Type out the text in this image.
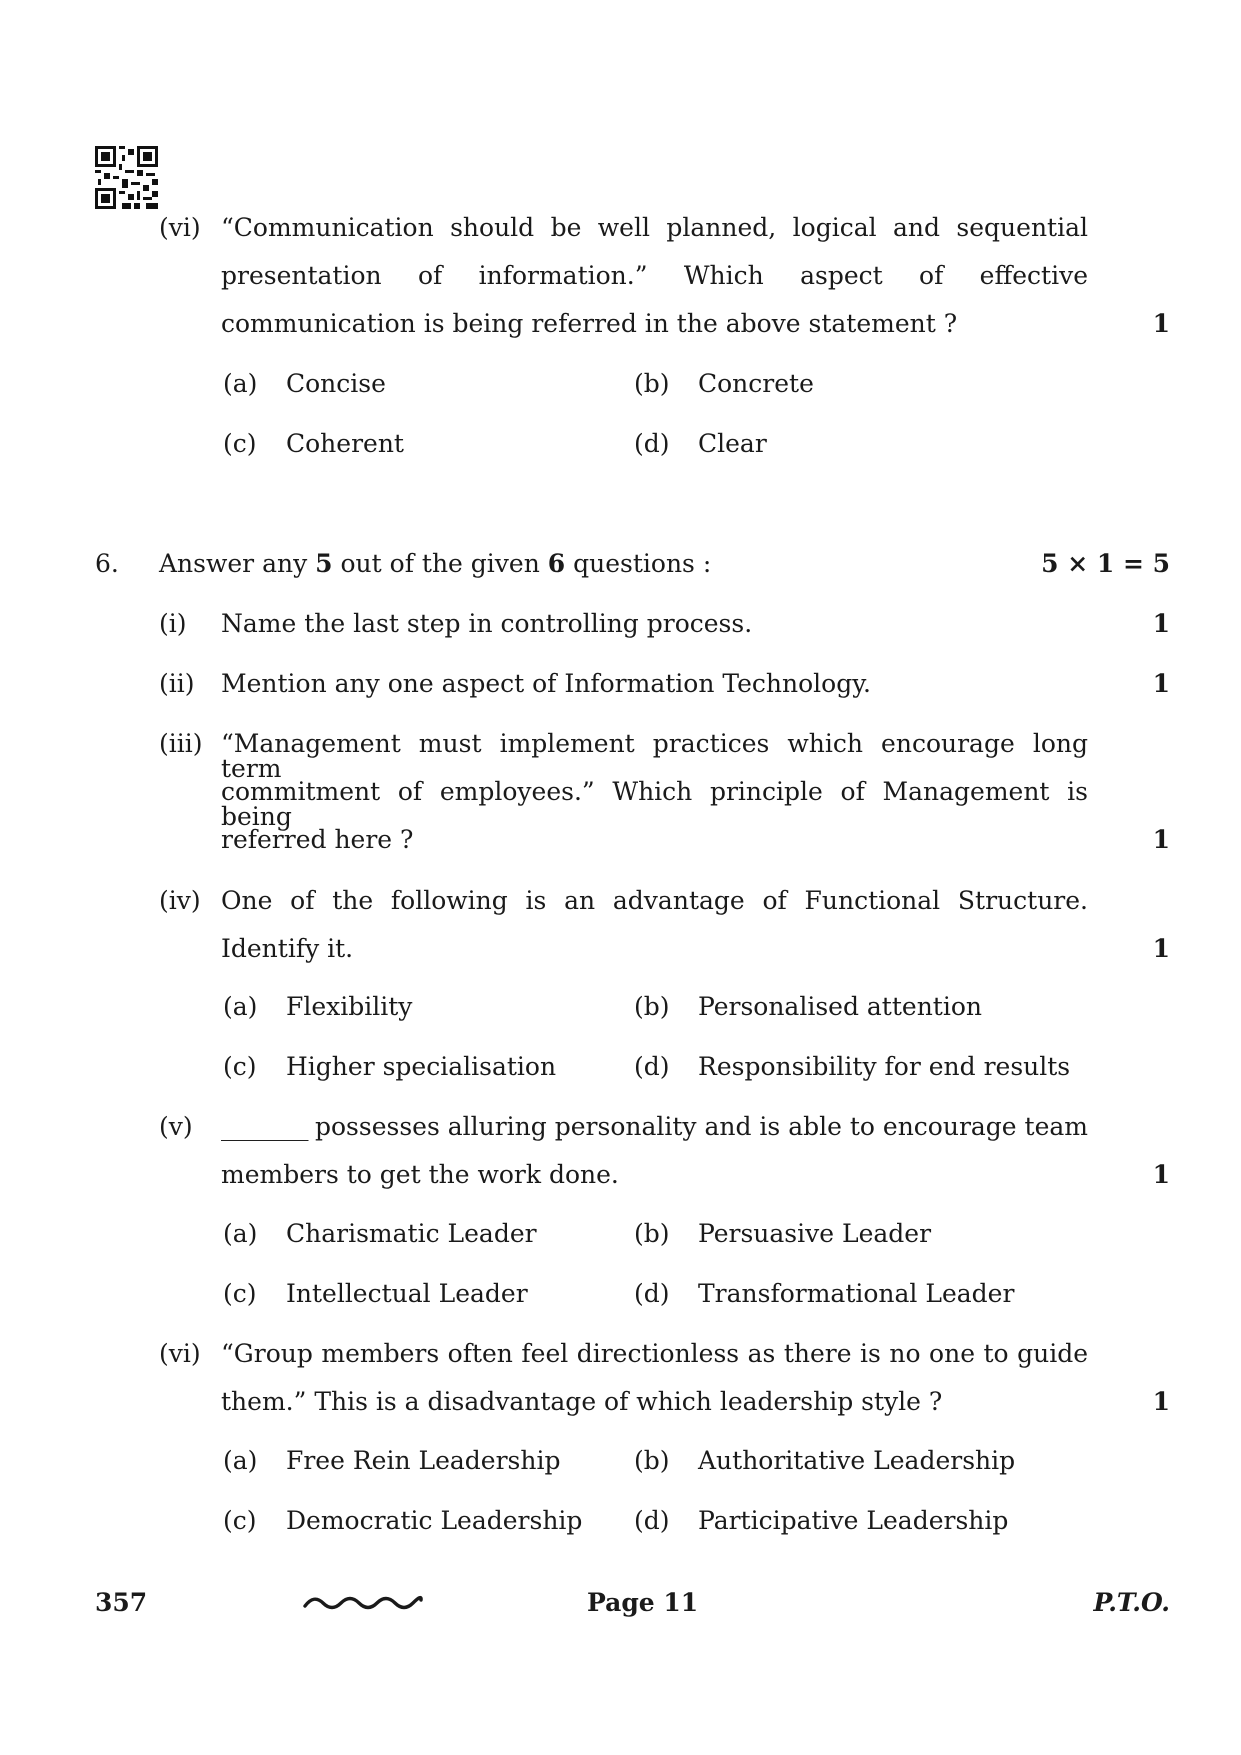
(vi) “Communication should be well planned, logical and sequential
presentation of information.” Which aspect of effective
communication is being referred in the above statement ?	1
(a) Concise	(b) Concrete
(c) Coherent	(d) Clear
6. Answer any 5 out of the given 6 questions :	5 × 1 = 5
(i) Name the last step in controlling process.	1
(ii) Mention any one aspect of Information Technology.	1
(iii) “Management must implement practices which encourage long term
commitment of employees.” Which principle of Management is being
referred here ?	1
(iv) One of the following is an advantage of Functional Structure.
Identify it.	1
(a) Flexibility	(b) Personalised attention
(c) Higher specialisation	(d) Responsibility for end results
(v) _______ possesses alluring personality and is able to encourage team
members to get the work done.	1
(a) Charismatic Leader	(b) Persuasive Leader
(c) Intellectual Leader	(d) Transformational Leader
(vi) “Group members often feel directionless as there is no one to guide
them.” This is a disadvantage of which leadership style ?	1
(a) Free Rein Leadership	(b) Authoritative Leadership
(c) Democratic Leadership (d) Participative Leadership
357	Page 11	P.T.O.
